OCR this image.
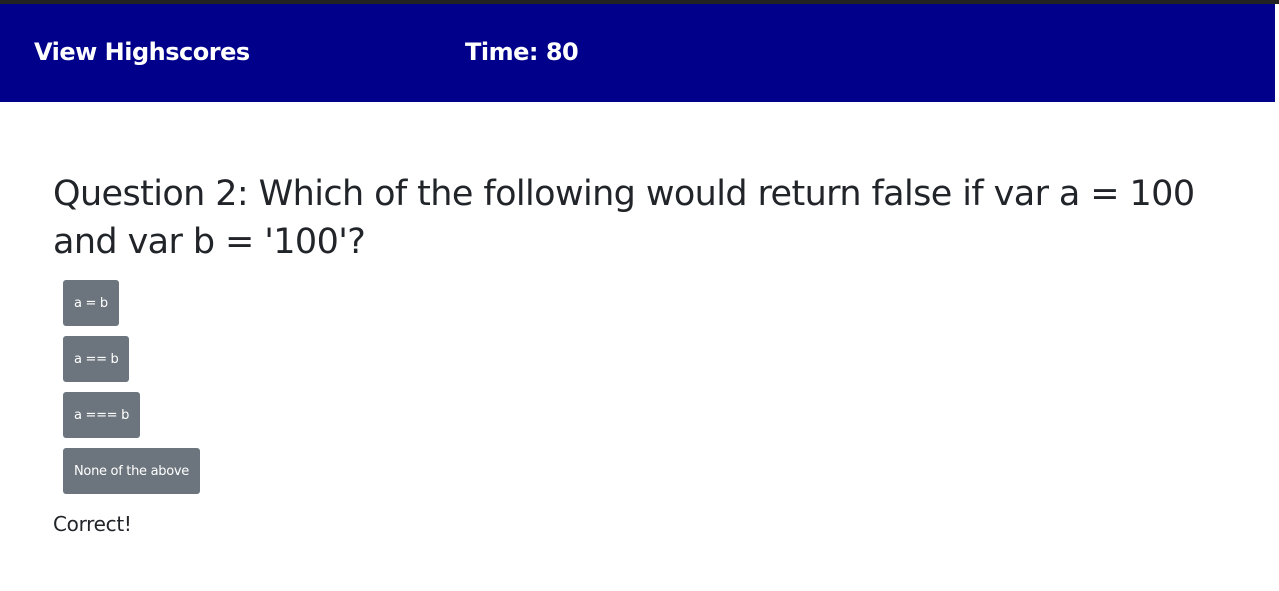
View Highscores	Time: 80
Question 2: Which of the following would return false if var a = 100 and var b = '100'?
a = b
a == b
a === b
None of the above

Correct!
